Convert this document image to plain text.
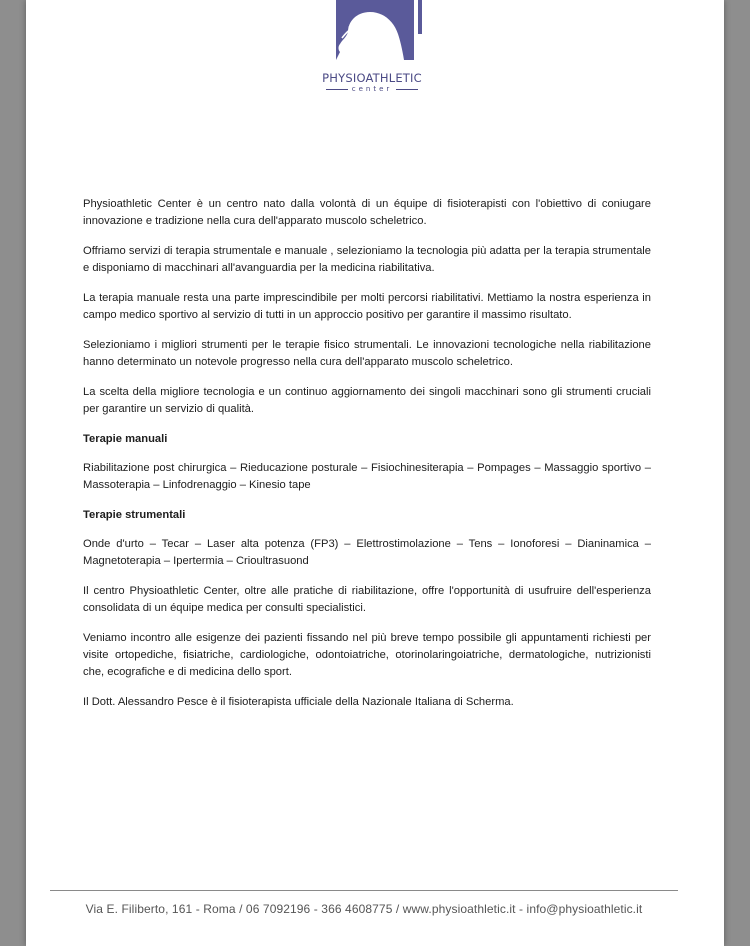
PHYSIOATHLETIC
center

Physioathletic Center è un centro nato dalla volontà di un équipe di fisioterapisti con l'obiettivo di coniugare innovazione e tradizione nella cura dell'apparato muscolo scheletrico.

Offriamo servizi di terapia strumentale e manuale , selezioniamo la tecnologia più adatta per la terapia strumentale e disponiamo di macchinari all'avanguardia per la medicina riabilitativa.

La terapia manuale resta una parte imprescindibile per molti percorsi riabilitativi. Mettiamo la nostra esperienza in campo medico sportivo al servizio di tutti in un approccio positivo per garantire il massimo risultato.

Selezioniamo i migliori strumenti per le terapie fisico strumentali. Le innovazioni tecnologiche nella riabilitazione hanno determinato un notevole progresso nella cura dell'apparato muscolo scheletrico.

La scelta della migliore tecnologia e un continuo aggiornamento dei singoli macchinari sono gli strumenti cruciali per garantire un servizio di qualità.

Terapie manuali

Riabilitazione post chirurgica – Rieducazione posturale – Fisiochinesiterapia – Pompages – Massaggio sportivo – Massoterapia – Linfodrenaggio – Kinesio tape

Terapie strumentali

Onde d'urto – Tecar – Laser alta potenza (FP3) – Elettrostimolazione – Tens – Ionoforesi – Dianinamica – Magnetoterapia – Ipertermia – Crioultrasuond

Il centro Physioathletic Center, oltre alle pratiche di riabilitazione, offre l'opportunità di usufruire dell'esperienza consolidata di un équipe medica per consulti specialistici.

Veniamo incontro alle esigenze dei pazienti fissando nel più breve tempo possibile gli appuntamenti richiesti per visite ortopediche, fisiatriche, cardiologiche, odontoiatriche, otorinolaringoiatriche, dermatologiche, nutrizionisti che, ecografiche e di medicina dello sport.

Il Dott. Alessandro Pesce è il fisioterapista ufficiale della Nazionale Italiana di Scherma.

Via E. Filiberto, 161 - Roma / 06 7092196 - 366 4608775 / www.physioathletic.it - info@physioathletic.it
